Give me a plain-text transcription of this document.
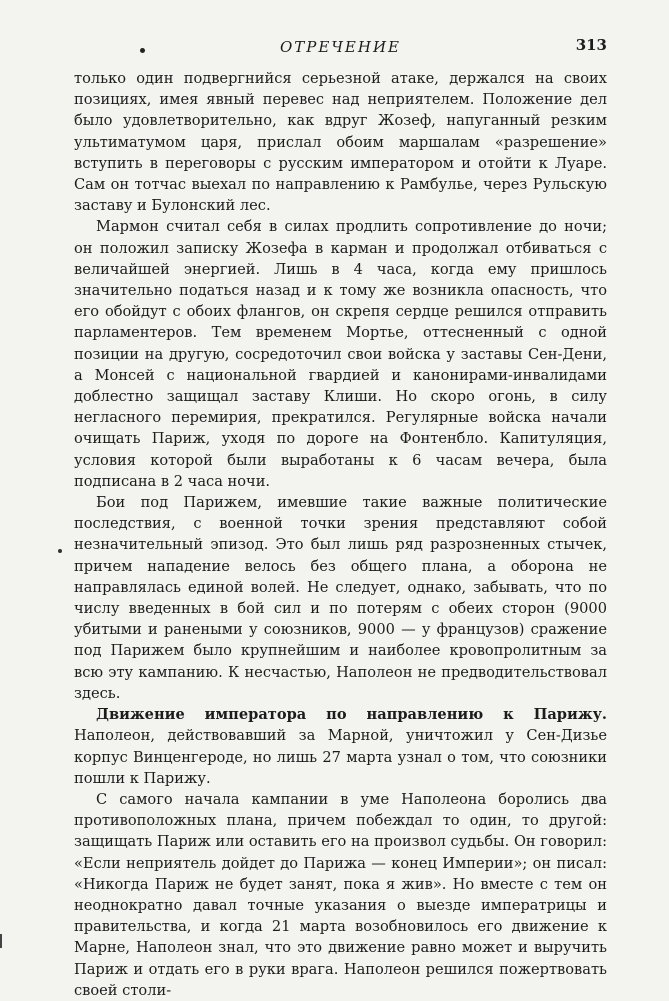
ОТРЕЧЕНИЕ	313

только один подвергнийся серьезной атаке, держался на своих позициях, имея явный перевес над неприятелем. Положение дел было удовлетворительно, как вдруг Жозеф, напуганный резким ультиматумом царя, прислал обоим маршалам «разрешение» вступить в переговоры с русским императором и отойти к Луаре. Сам он тотчас выехал по направлению к Рамбулье, через Рульскую заставу и Булонский лес.

Мармон считал себя в силах продлить сопротивление до ночи; он положил записку Жозефа в карман и продолжал отбиваться с величайшей энергией. Лишь в 4 часа, когда ему пришлось значительно податься назад и к тому же возникла опасность, что его обойдут с обоих флангов, он скрепя сердце решился отправить парламентеров. Тем временем Мортье, оттесненный с одной позиции на другую, сосредоточил свои войска у заставы Сен-Дени, а Монсей с национальной гвардией и канонирами-инвалидами доблестно защищал заставу Клиши. Но скоро огонь, в силу негласного перемирия, прекратился. Регулярные войска начали очищать Париж, уходя по дороге на Фонтенбло. Капитуляция, условия которой были выработаны к 6 часам вечера, была подписана в 2 часа ночи.

Бои под Парижем, имевшие такие важные политические последствия, с военной точки зрения представляют собой незначительный эпизод. Это был лишь ряд разрозненных стычек, причем нападение велось без общего плана, а оборона не направлялась единой волей. Не следует, однако, забывать, что по числу введенных в бой сил и по потерям с обеих сторон (9000 убитыми и ранеными у союзников, 9000 — у французов) сражение под Парижем было крупнейшим и наиболее кровопролитным за всю эту кампанию. К несчастью, Наполеон не предводительствовал здесь.

Движение императора по направлению к Парижу. Наполеон, действовавший за Марной, уничтожил у Сен-Дизье корпус Винценгероде, но лишь 27 марта узнал о том, что союзники пошли к Парижу.

С самого начала кампании в уме Наполеона боролись два противоположных плана, причем побеждал то один, то другой: защищать Париж или оставить его на произвол судьбы. Он говорил: «Если неприятель дойдет до Парижа — конец Империи»; он писал: «Никогда Париж не будет занят, пока я жив». Но вместе с тем он неоднократно давал точные указания о выезде императрицы и правительства, и когда 21 марта возобновилось его движение к Марне, Наполеон знал, что это движение равно может и выручить Париж и отдать его в руки врага. Наполеон решился пожертвовать своей столи-
